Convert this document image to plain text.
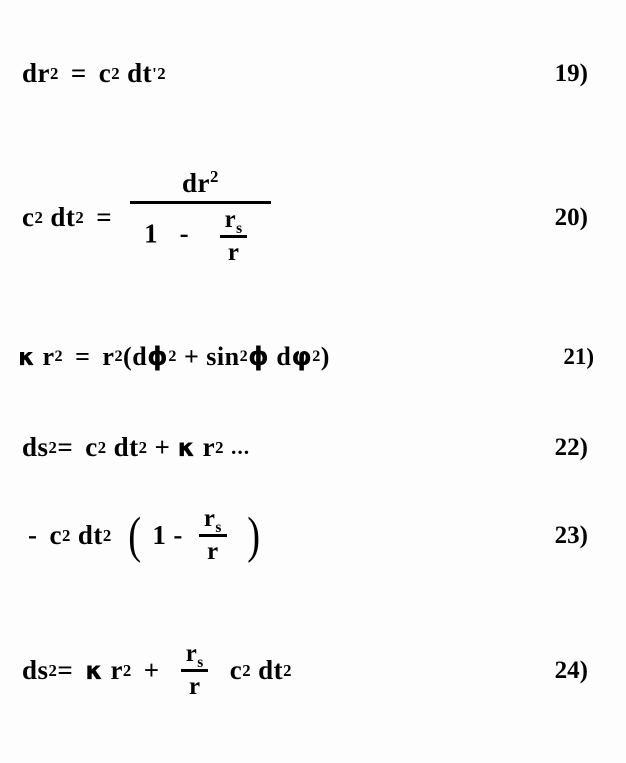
dr 2 = c 2 dt '2	19)
c 2 dt 2 =
$dr^2$
$1 - \frac{r_s}{r}$	20)
κ r 2 = r 2 ( d ϕ 2 + sin 2 ϕ d φ 2 )	21)
ds 2 = c 2 dt 2 + κ r 2 ...	22)
- c 2 dt 2 ( $1 - \frac{r_s}{r}$ )	23)
ds 2 = κ r $2 + \frac{r_s}{r}$ c 2 dt 2	24)
